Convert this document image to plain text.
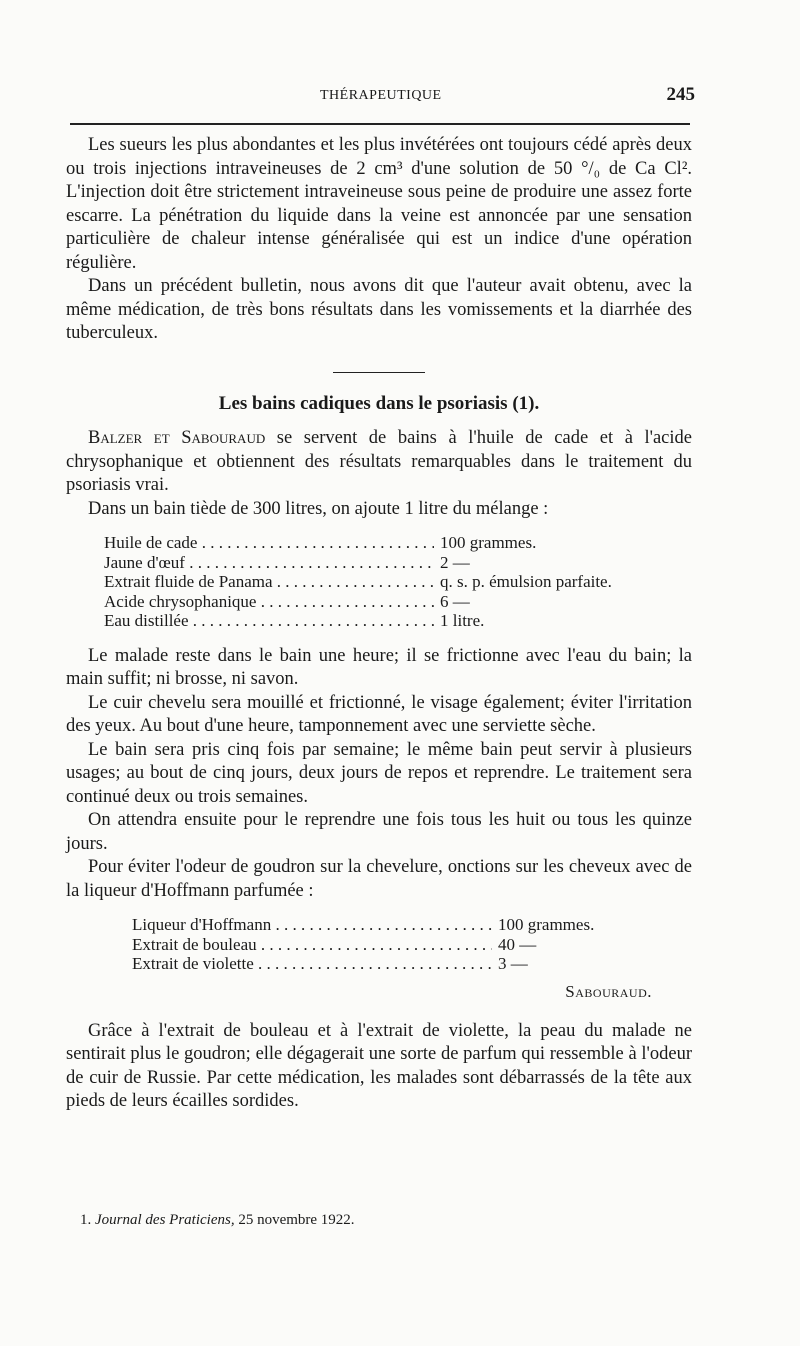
THÉRAPEUTIQUE	245

Les sueurs les plus abondantes et les plus invétérées ont toujours cédé après deux ou trois injections intraveineuses de 2 cm³ d'une solution de 50 °/₀ de Ca Cl². L'injection doit être strictement intraveineuse sous peine de produire une assez forte escarre. La pénétration du liquide dans la veine est annoncée par une sensation particulière de chaleur intense généralisée qui est un indice d'une opération régulière.

Dans un précédent bulletin, nous avons dit que l'auteur avait obtenu, avec la même médication, de très bons résultats dans les vomissements et la diarrhée des tuberculeux.

Les bains cadiques dans le psoriasis (1).

Balzer et Sabouraud se servent de bains à l'huile de cade et à l'acide chrysophanique et obtiennent des résultats remarquables dans le traitement du psoriasis vrai.

Dans un bain tiède de 300 litres, on ajoute 1 litre du mélange :

Huile de cade . . .	100 grammes.
Jaune d'œuf . . .	2 —
Extrait fluide de Panama . . .	q. s. p. émulsion parfaite.
Acide chrysophanique . . .	6 —
Eau distillée . . .	1 litre.

Le malade reste dans le bain une heure; il se frictionne avec l'eau du bain; la main suffit; ni brosse, ni savon.

Le cuir chevelu sera mouillé et frictionné, le visage également; éviter l'irritation des yeux. Au bout d'une heure, tamponnement avec une serviette sèche.

Le bain sera pris cinq fois par semaine; le même bain peut servir à plusieurs usages; au bout de cinq jours, deux jours de repos et reprendre. Le traitement sera continué deux ou trois semaines.

On attendra ensuite pour le reprendre une fois tous les huit ou tous les quinze jours.

Pour éviter l'odeur de goudron sur la chevelure, onctions sur les cheveux avec de la liqueur d'Hoffmann parfumée :

Liqueur d'Hoffmann . . .	100 grammes.
Extrait de bouleau . . .	40 —
Extrait de violette . . .	3 —
Sabouraud.

Grâce à l'extrait de bouleau et à l'extrait de violette, la peau du malade ne sentirait plus le goudron; elle dégagerait une sorte de parfum qui ressemble à l'odeur de cuir de Russie. Par cette médication, les malades sont débarrassés de la tête aux pieds de leurs écailles sordides.

1. Journal des Praticiens, 25 novembre 1922.
